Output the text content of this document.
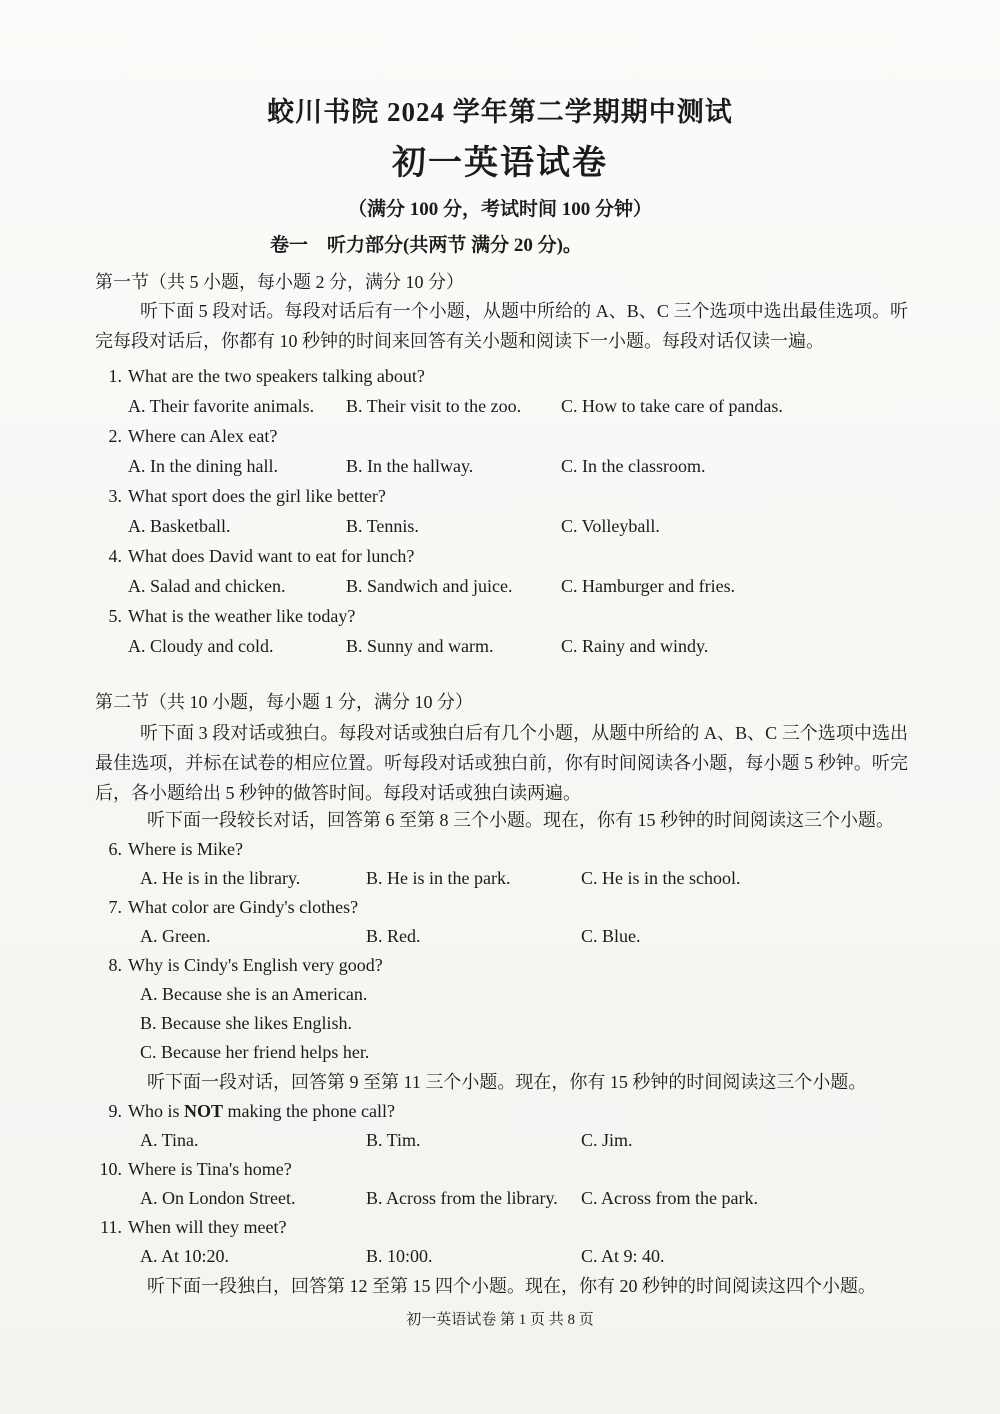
蛟川书院 2024 学年第二学期期中测试
初一英语试卷
（满分 100 分，考试时间 100 分钟）
卷一　听力部分(共两节 满分 20 分)。
第一节（共 5 小题，每小题 2 分，满分 10 分）
听下面 5 段对话。每段对话后有一个小题，从题中所给的 A、B、C 三个选项中选出最佳选项。听完每段对话后，你都有 10 秒钟的时间来回答有关小题和阅读下一小题。每段对话仅读一遍。
1. What are the two speakers talking about?
A. Their favorite animals. B. Their visit to the zoo. C. How to take care of pandas.
2. Where can Alex eat?
A. In the dining hall.	B. In the hallway.	C. In the classroom.
3. What sport does the girl like better?
A. Basketball.	B. Tennis.	C. Volleyball.
4. What does David want to eat for lunch?
A. Salad and chicken.	B. Sandwich and juice.	C. Hamburger and fries.
5. What is the weather like today?
A. Cloudy and cold.	B. Sunny and warm.	C. Rainy and windy.
第二节（共 10 小题，每小题 1 分，满分 10 分）
听下面 3 段对话或独白。每段对话或独白后有几个小题，从题中所给的 A、B、C 三个选项中选出最佳选项，并标在试卷的相应位置。听每段对话或独白前，你有时间阅读各小题，每小题 5 秒钟。听完后，各小题给出 5 秒钟的做答时间。每段对话或独白读两遍。
听下面一段较长对话，回答第 6 至第 8 三个小题。现在，你有 15 秒钟的时间阅读这三个小题。
6. Where is Mike?
A. He is in the library.	B. He is in the park.	C. He is in the school.
7. What color are Gindy's clothes?
A. Green.	B. Red.	C. Blue.
8. Why is Cindy's English very good?
A. Because she is an American.
B. Because she likes English.
C. Because her friend helps her.
听下面一段对话，回答第 9 至第 11 三个小题。现在，你有 15 秒钟的时间阅读这三个小题。
9. Who is NOT making the phone call?
A. Tina.	B. Tim.	C. Jim.
10. Where is Tina's home?
A. On London Street.	B. Across from the library. C. Across from the park.
11. When will they meet?
A. At 10:20.	B. 10:00.	C. At 9: 40.
听下面一段独白，回答第 12 至第 15 四个小题。现在，你有 20 秒钟的时间阅读这四个小题。
初一英语试卷 第 1 页 共 8 页
